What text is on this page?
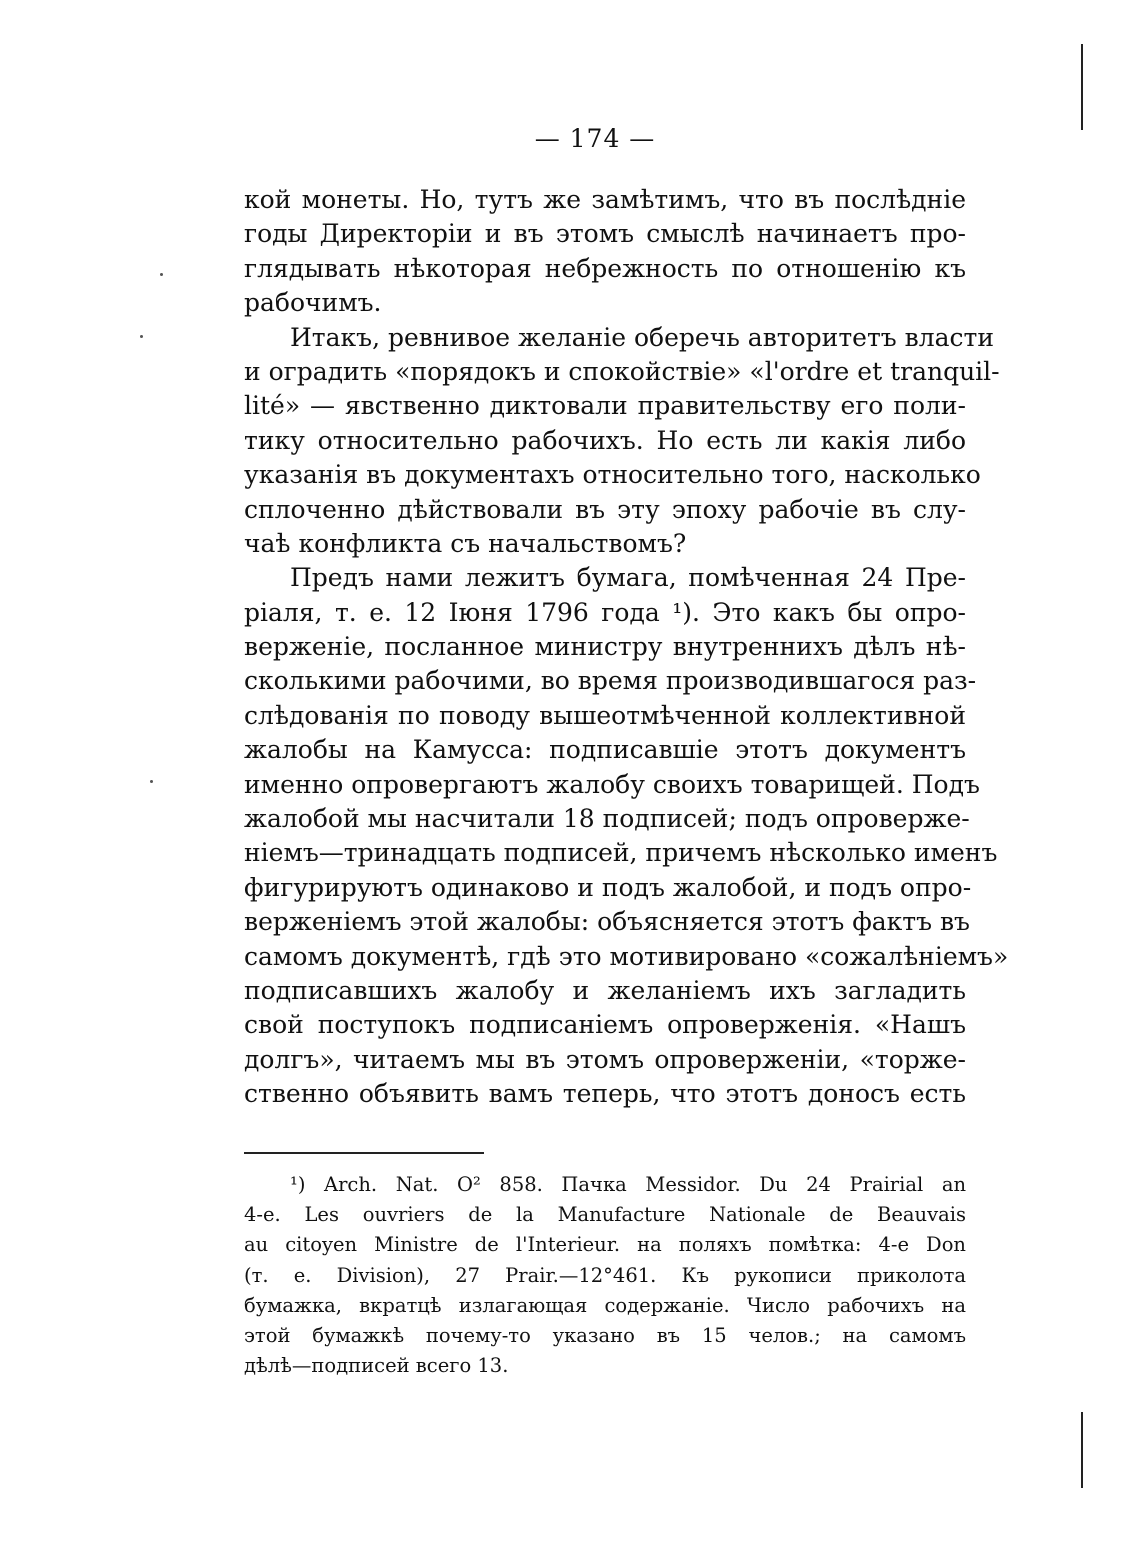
— 174 —
кой монеты. Но, тутъ же замѣтимъ, что въ послѣдніе
годы Директоріи и въ этомъ смыслѣ начинаетъ про-
глядывать нѣкоторая небрежность по отношенію къ
рабочимъ.
Итакъ, ревнивое желаніе оберечь авторитетъ власти
и оградить «порядокъ и спокойствіе» «l'ordre et tranquil-
lité» — явственно диктовали правительству его поли-
тику относительно рабочихъ. Но есть ли какія либо
указанія въ документахъ относительно того, насколько
сплоченно дѣйствовали въ эту эпоху рабочіе въ слу-
чаѣ конфликта съ начальствомъ?
Предъ нами лежитъ бумага, помѣченная 24 Пре-
ріаля, т. е. 12 Іюня 1796 года ¹). Это какъ бы опро-
верженіе, посланное министру внутреннихъ дѣлъ нѣ-
сколькими рабочими, во время производившагося раз-
слѣдованія по поводу вышеотмѣченной коллективной
жалобы на Камусса: подписавшіе этотъ документъ
именно опровергаютъ жалобу своихъ товарищей. Подъ
жалобой мы насчитали 18 подписей; подъ опроверже-
ніемъ—тринадцать подписей, причемъ нѣсколько именъ
фигурируютъ одинаково и подъ жалобой, и подъ опро-
верженіемъ этой жалобы: объясняется этотъ фактъ въ
самомъ документѣ, гдѣ это мотивировано «сожалѣніемъ»
подписавшихъ жалобу и желаніемъ ихъ загладить
свой поступокъ подписаніемъ опроверженія. «Нашъ
долгъ», читаемъ мы въ этомъ опроверженіи, «торже-
ственно объявить вамъ теперь, что этотъ доносъ есть
¹) Arch. Nat. O² 858. Пачка Messidor. Du 24 Prairial an
4-e. Les ouvriers de la Manufacture Nationale de Beauvais
au citoyen Ministre de l'Interieur. на поляхъ помѣтка: 4-e Don
(т. е. Division), 27 Prair.—12°461. Къ рукописи приколота
бумажка, вкратцѣ излагающая содержаніе. Число рабочихъ на
этой бумажкѣ почему-то указано въ 15 челов.; на самомъ
дѣлѣ—подписей всего 13.
